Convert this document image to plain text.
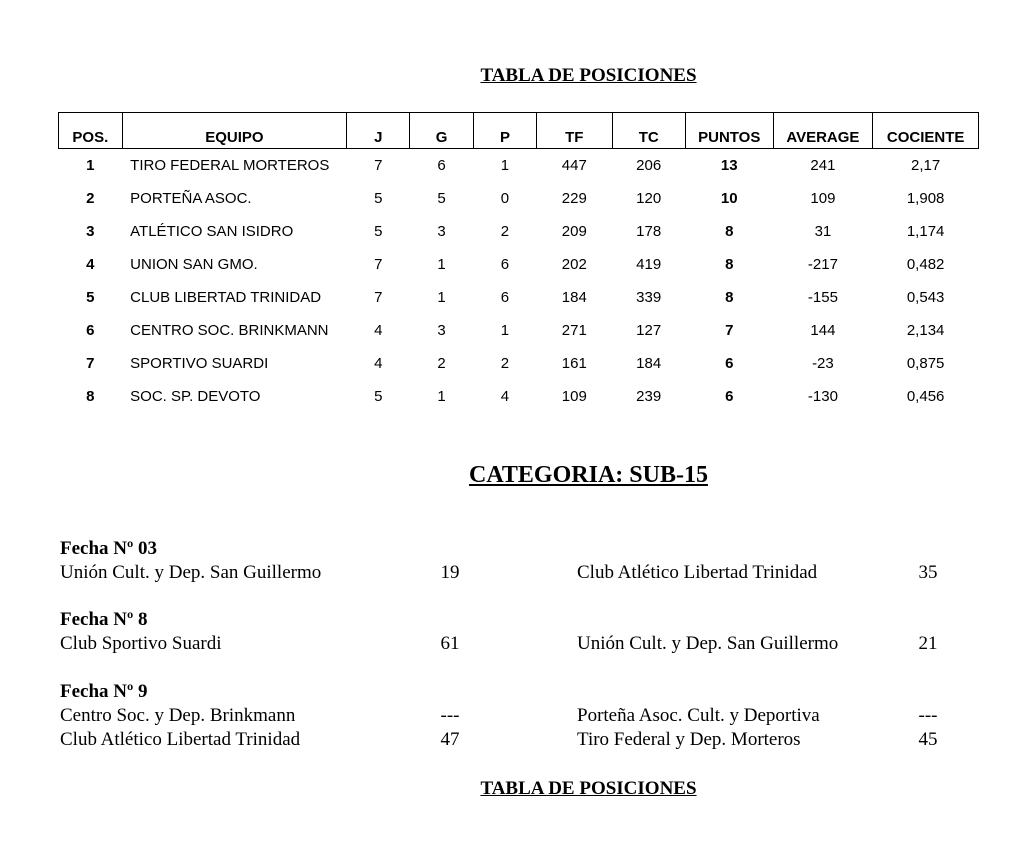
TABLA DE POSICIONES
POS.	EQUIPO	J	G	P	TF	TC	PUNTOS	AVERAGE	COCIENTE
1	TIRO FEDERAL MORTEROS	7	6	1	447	206	13	241	2,17
2	PORTEÑA ASOC.	5	5	0	229	120	10	109	1,908
3	ATLÉTICO SAN ISIDRO	5	3	2	209	178	8	31	1,174
4	UNION SAN GMO.	7	1	6	202	419	8	-217	0,482
5	CLUB LIBERTAD TRINIDAD	7	1	6	184	339	8	-155	0,543
6	CENTRO SOC. BRINKMANN	4	3	1	271	127	7	144	2,134
7	SPORTIVO SUARDI	4	2	2	161	184	6	-23	0,875
8	SOC. SP. DEVOTO	5	1	4	109	239	6	-130	0,456
CATEGORIA: SUB-15
Fecha Nº 03
Unión Cult. y Dep. San Guillermo	19	Club Atlético Libertad Trinidad	35
Fecha Nº 8
Club Sportivo Suardi	61	Unión Cult. y Dep. San Guillermo	21
Fecha Nº 9
Centro Soc. y Dep. Brinkmann	---	Porteña Asoc. Cult. y Deportiva	---
Club Atlético Libertad Trinidad	47	Tiro Federal y Dep. Morteros	45
TABLA DE POSICIONES
